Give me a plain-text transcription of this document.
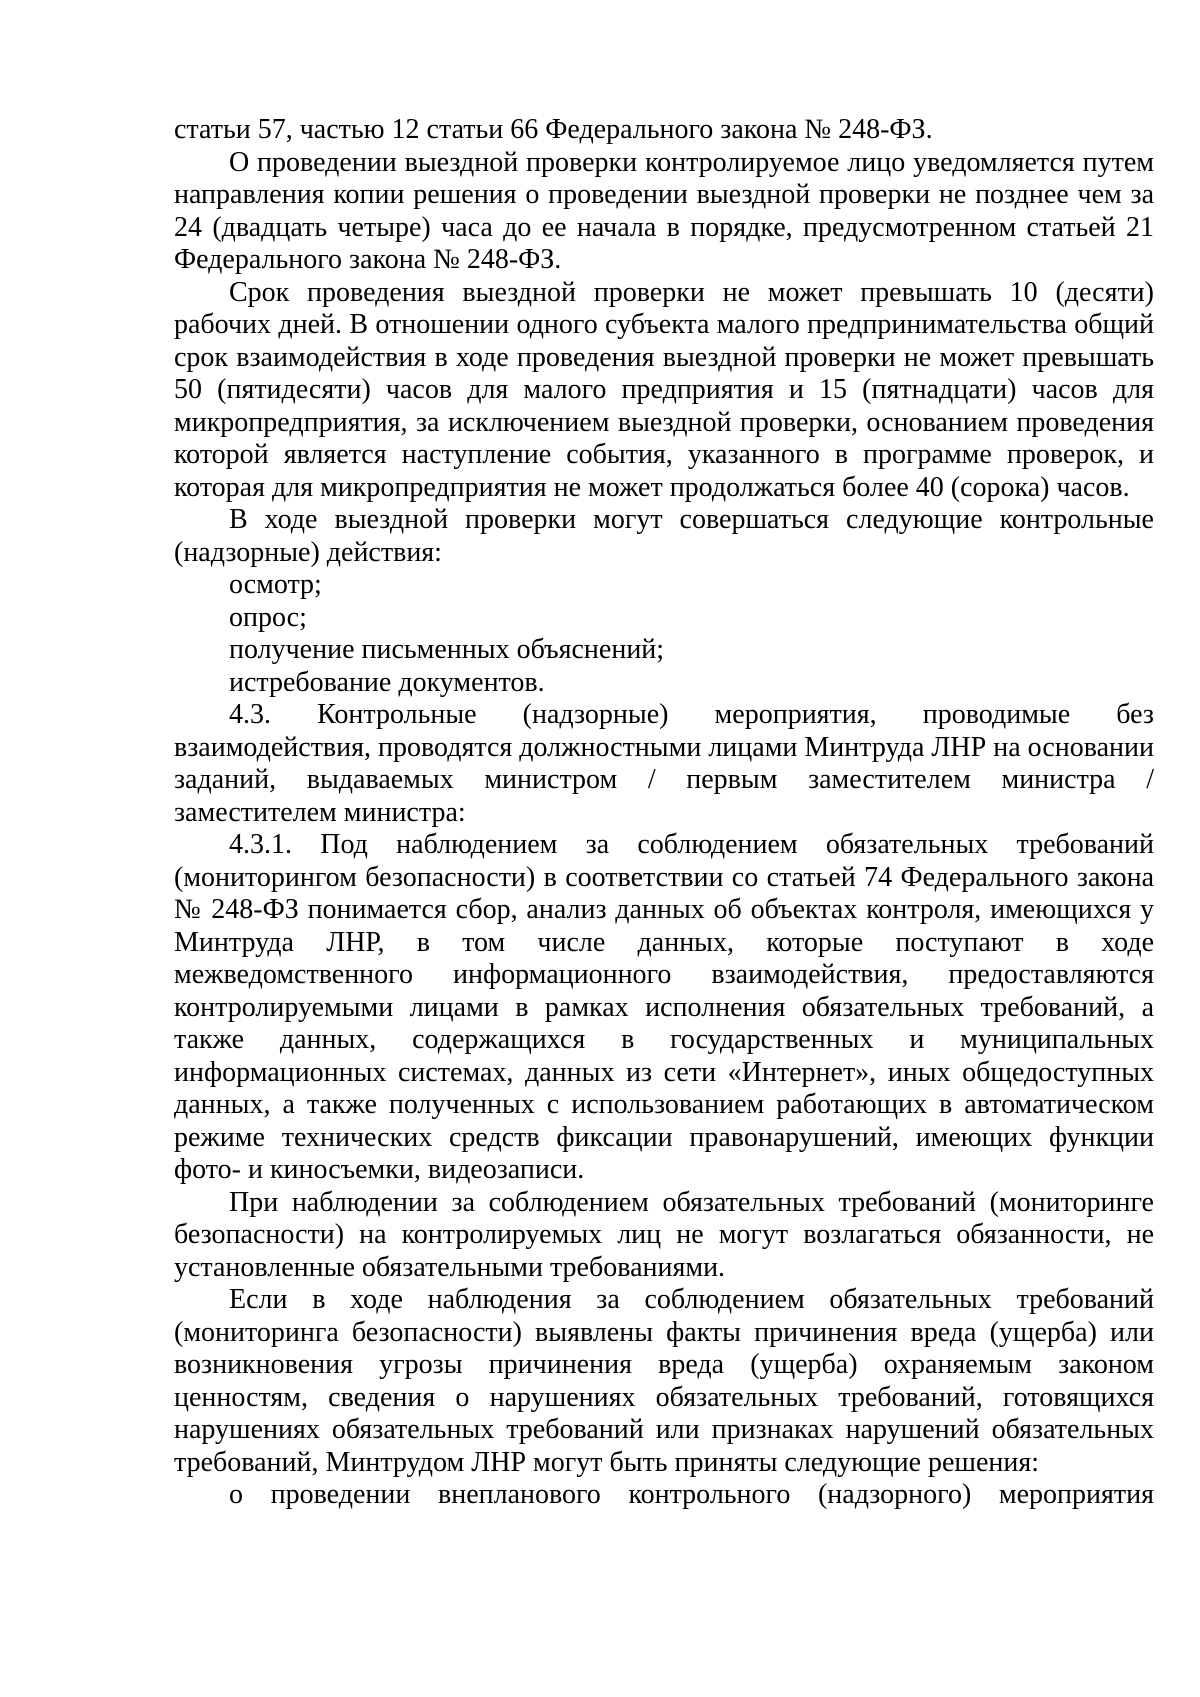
статьи 57, частью 12 статьи 66 Федерального закона № 248-ФЗ.

О проведении выездной проверки контролируемое лицо уведомляется путем направления копии решения о проведении выездной проверки не позднее чем за 24 (двадцать четыре) часа до ее начала в порядке, предусмотренном статьей 21 Федерального закона № 248-ФЗ.

Срок проведения выездной проверки не может превышать 10 (десяти) рабочих дней. В отношении одного субъекта малого предпринимательства общий срок взаимодействия в ходе проведения выездной проверки не может превышать 50 (пятидесяти) часов для малого предприятия и 15 (пятнадцати) часов для микропредприятия, за исключением выездной проверки, основанием проведения которой является наступление события, указанного в программе проверок, и которая для микропредприятия не может продолжаться более 40 (сорока) часов.

В ходе выездной проверки могут совершаться следующие контрольные (надзорные) действия:

осмотр;

опрос;

получение письменных объяснений;

истребование документов.

4.3. Контрольные (надзорные) мероприятия, проводимые без взаимодействия, проводятся должностными лицами Минтруда ЛНР на основании заданий, выдаваемых министром / первым заместителем министра / заместителем министра:

4.3.1. Под наблюдением за соблюдением обязательных требований (мониторингом безопасности) в соответствии со статьей 74 Федерального закона № 248-ФЗ понимается сбор, анализ данных об объектах контроля, имеющихся у Минтруда ЛНР, в том числе данных, которые поступают в ходе межведомственного информационного взаимодействия, предоставляются контролируемыми лицами в рамках исполнения обязательных требований, а также данных, содержащихся в государственных и муниципальных информационных системах, данных из сети «Интернет», иных общедоступных данных, а также полученных с использованием работающих в автоматическом режиме технических средств фиксации правонарушений, имеющих функции фото- и киносъемки, видеозаписи.

При наблюдении за соблюдением обязательных требований (мониторинге безопасности) на контролируемых лиц не могут возлагаться обязанности, не установленные обязательными требованиями.

Если в ходе наблюдения за соблюдением обязательных требований (мониторинга безопасности) выявлены факты причинения вреда (ущерба) или возникновения угрозы причинения вреда (ущерба) охраняемым законом ценностям, сведения о нарушениях обязательных требований, готовящихся нарушениях обязательных требований или признаках нарушений обязательных требований, Минтрудом ЛНР могут быть приняты следующие решения:

о проведении внепланового контрольного (надзорного) мероприятия
